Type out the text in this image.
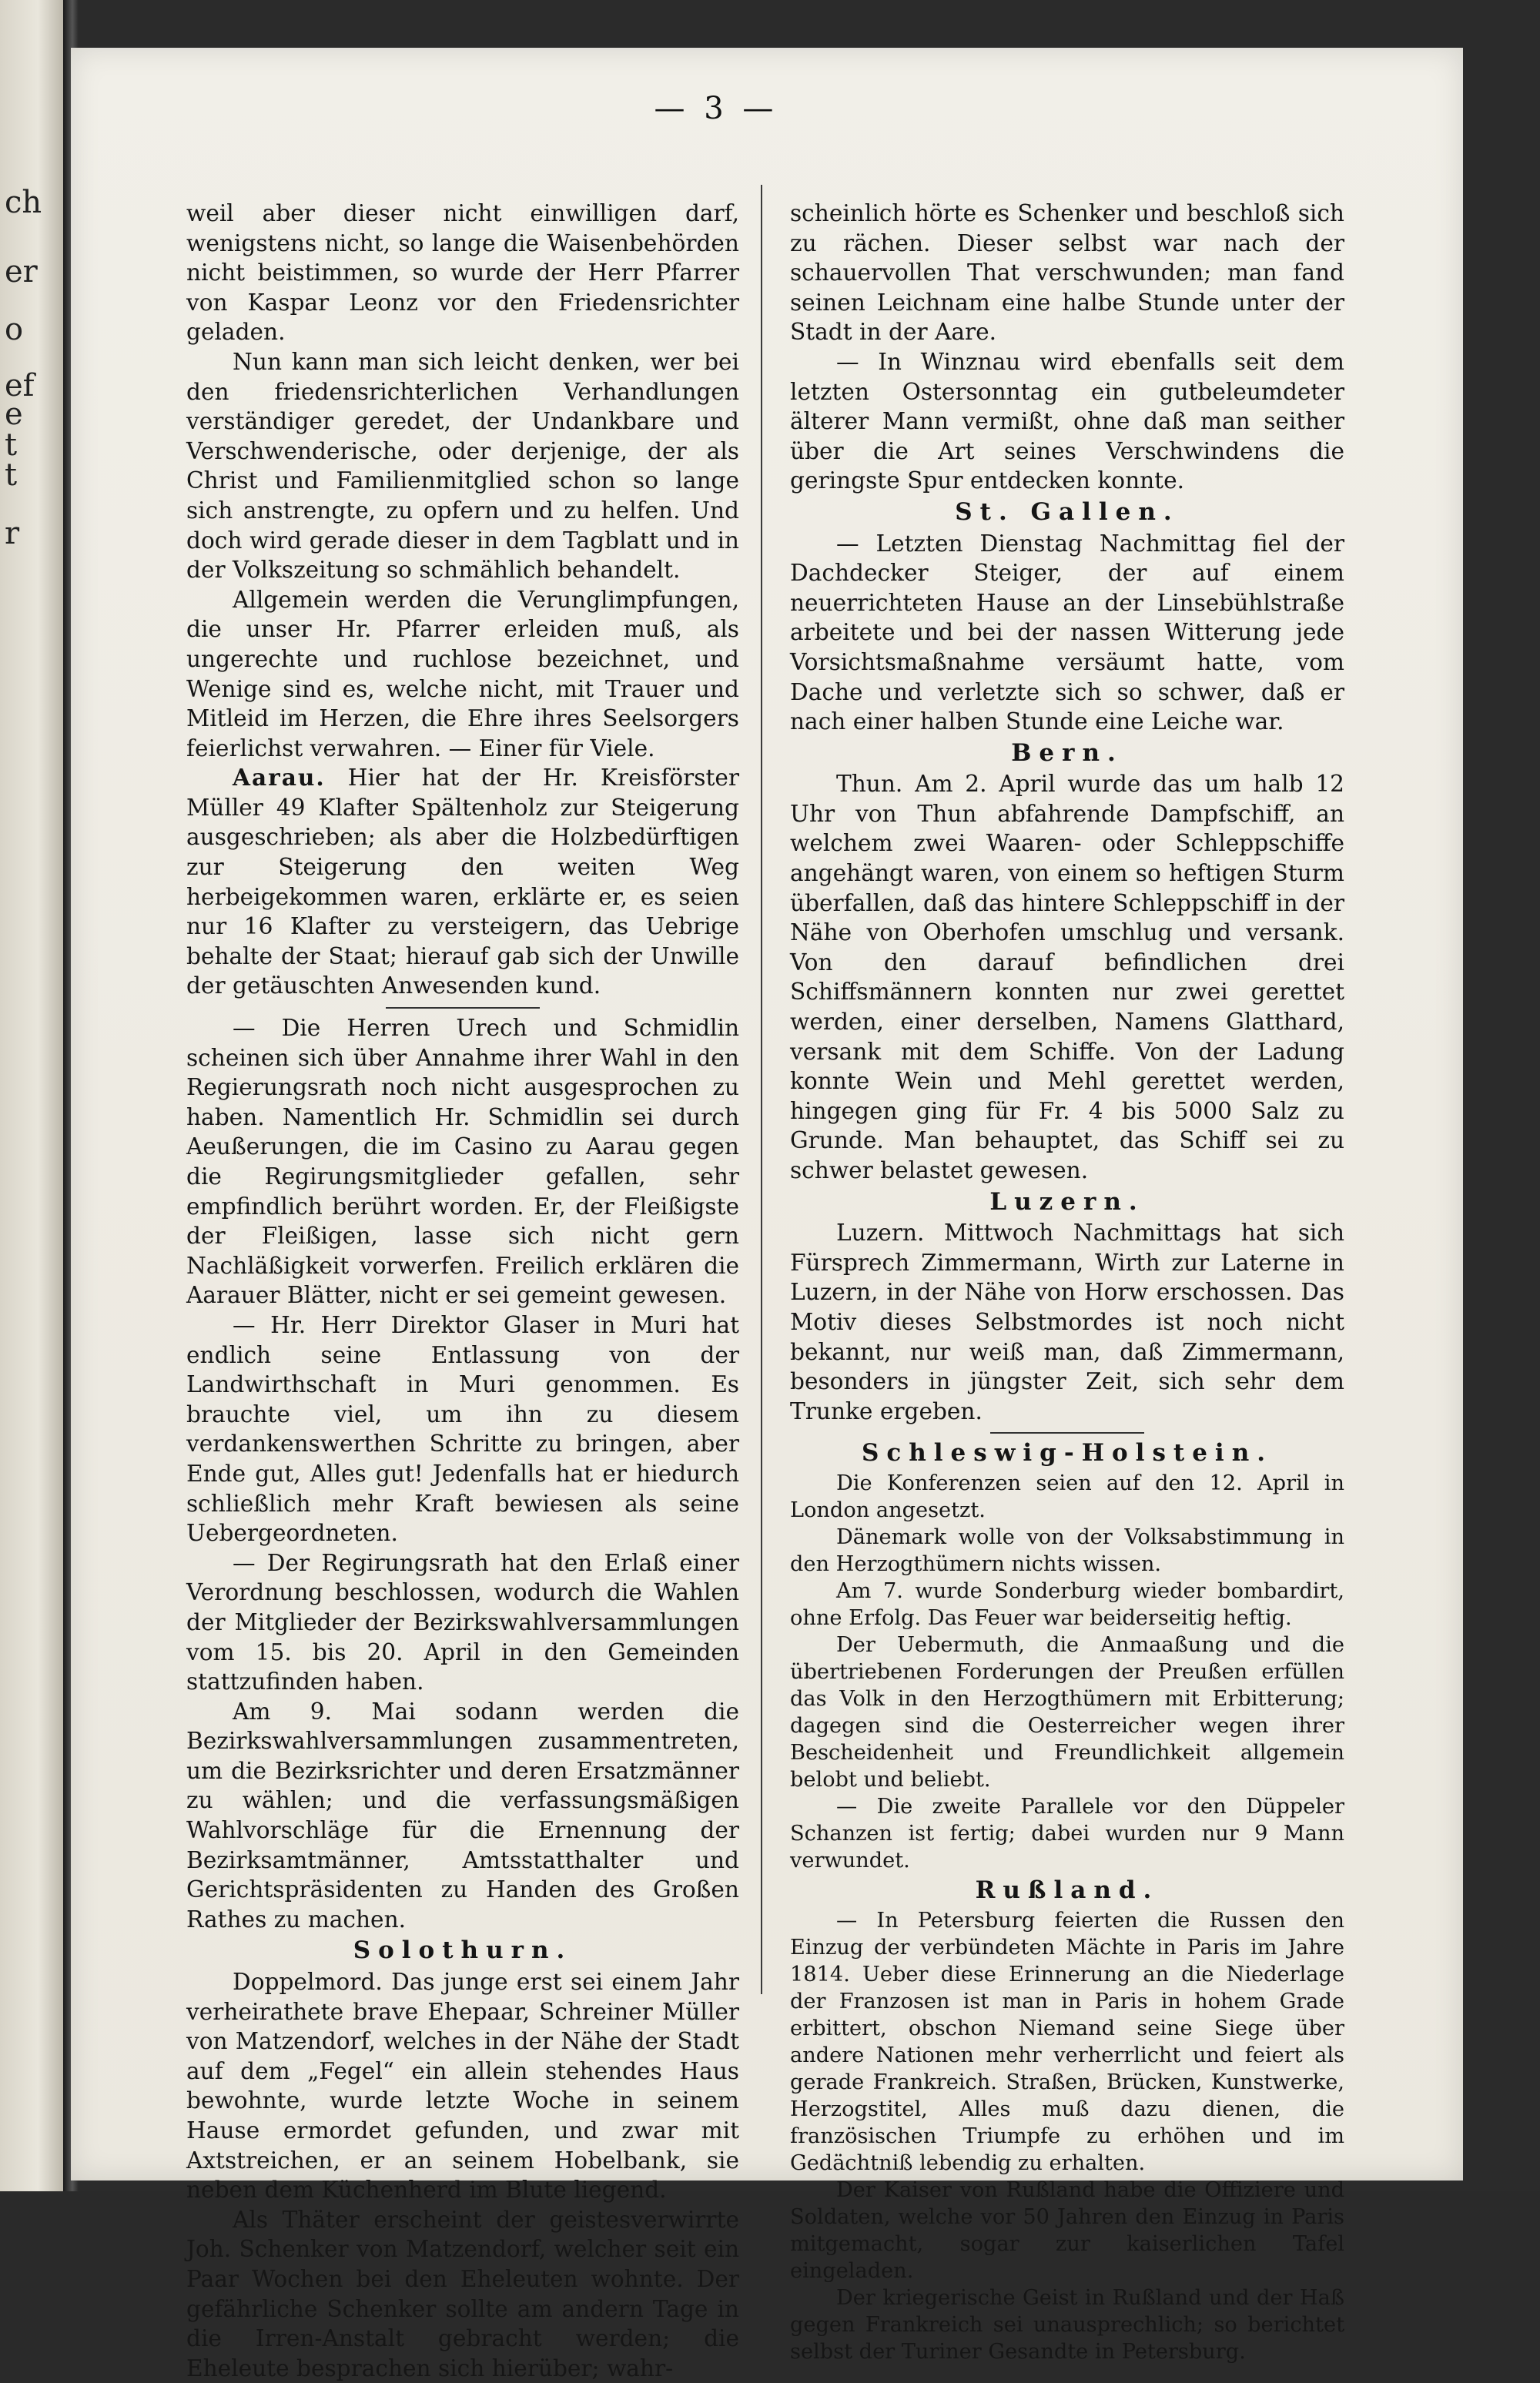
ch
er
o
ef
e
t
t
r
— 3 —

weil aber dieser nicht einwilligen darf, wenigstens nicht, so lange die Waisenbehörden nicht beistimmen, so wurde der Herr Pfarrer von Kaspar Leonz vor den Friedensrichter geladen.

Nun kann man sich leicht denken, wer bei den friedensrichterlichen Verhandlungen verständiger geredet, der Undankbare und Verschwenderische, oder derjenige, der als Christ und Familienmitglied schon so lange sich anstrengte, zu opfern und zu helfen. Und doch wird gerade dieser in dem Tagblatt und in der Volkszeitung so schmählich behandelt.

Allgemein werden die Verunglimpfungen, die unser Hr. Pfarrer erleiden muß, als ungerechte und ruchlose bezeichnet, und Wenige sind es, welche nicht, mit Trauer und Mitleid im Herzen, die Ehre ihres Seelsorgers feierlichst verwahren. — Einer für Viele.

Aarau. Hier hat der Hr. Kreisförster Müller 49 Klafter Spältenholz zur Steigerung ausgeschrieben; als aber die Holzbedürftigen zur Steigerung den weiten Weg herbeigekommen waren, erklärte er, es seien nur 16 Klafter zu versteigern, das Uebrige behalte der Staat; hierauf gab sich der Unwille der getäuschten Anwesenden kund.

— Die Herren Urech und Schmidlin scheinen sich über Annahme ihrer Wahl in den Regierungsrath noch nicht ausgesprochen zu haben. Namentlich Hr. Schmidlin sei durch Aeußerungen, die im Casino zu Aarau gegen die Regirungsmitglieder gefallen, sehr empfindlich berührt worden. Er, der Fleißigste der Fleißigen, lasse sich nicht gern Nachläßigkeit vorwerfen. Freilich erklären die Aarauer Blätter, nicht er sei gemeint gewesen.

— Hr. Herr Direktor Glaser in Muri hat endlich seine Entlassung von der Landwirthschaft in Muri genommen. Es brauchte viel, um ihn zu diesem verdankenswerthen Schritte zu bringen, aber Ende gut, Alles gut! Jedenfalls hat er hiedurch schließlich mehr Kraft bewiesen als seine Uebergeordneten.

— Der Regirungsrath hat den Erlaß einer Verordnung beschlossen, wodurch die Wahlen der Mitglieder der Bezirkswahlversammlungen vom 15. bis 20. April in den Gemeinden stattzufinden haben.

Am 9. Mai sodann werden die Bezirkswahlversammlungen zusammentreten, um die Bezirksrichter und deren Ersatzmänner zu wählen; und die verfassungsmäßigen Wahlvorschläge für die Ernennung der Bezirksamtmänner, Amtsstatthalter und Gerichtspräsidenten zu Handen des Großen Rathes zu machen.

Solothurn.

Doppelmord. Das junge erst sei einem Jahr verheirathete brave Ehepaar, Schreiner Müller von Matzendorf, welches in der Nähe der Stadt auf dem „Fegel“ ein allein stehendes Haus bewohnte, wurde letzte Woche in seinem Hause ermordet gefunden, und zwar mit Axtstreichen, er an seinem Hobelbank, sie neben dem Küchenherd im Blute liegend.

Als Thäter erscheint der geistesverwirrte Joh. Schenker von Matzendorf, welcher seit ein Paar Wochen bei den Eheleuten wohnte. Der gefährliche Schenker sollte am andern Tage in die Irren-Anstalt gebracht werden; die Eheleute besprachen sich hierüber; wahr-

scheinlich hörte es Schenker und beschloß sich zu rächen. Dieser selbst war nach der schauervollen That verschwunden; man fand seinen Leichnam eine halbe Stunde unter der Stadt in der Aare.

— In Winznau wird ebenfalls seit dem letzten Ostersonntag ein gutbeleumdeter älterer Mann vermißt, ohne daß man seither über die Art seines Verschwindens die geringste Spur entdecken konnte.

St. Gallen.

— Letzten Dienstag Nachmittag fiel der Dachdecker Steiger, der auf einem neuerrichteten Hause an der Linsebühlstraße arbeitete und bei der nassen Witterung jede Vorsichtsmaßnahme versäumt hatte, vom Dache und verletzte sich so schwer, daß er nach einer halben Stunde eine Leiche war.

Bern.

Thun. Am 2. April wurde das um halb 12 Uhr von Thun abfahrende Dampfschiff, an welchem zwei Waaren- oder Schleppschiffe angehängt waren, von einem so heftigen Sturm überfallen, daß das hintere Schleppschiff in der Nähe von Oberhofen umschlug und versank. Von den darauf befindlichen drei Schiffsmännern konnten nur zwei gerettet werden, einer derselben, Namens Glatthard, versank mit dem Schiffe. Von der Ladung konnte Wein und Mehl gerettet werden, hingegen ging für Fr. 4 bis 5000 Salz zu Grunde. Man behauptet, das Schiff sei zu schwer belastet gewesen.

Luzern.

Luzern. Mittwoch Nachmittags hat sich Fürsprech Zimmermann, Wirth zur Laterne in Luzern, in der Nähe von Horw erschossen. Das Motiv dieses Selbstmordes ist noch nicht bekannt, nur weiß man, daß Zimmermann, besonders in jüngster Zeit, sich sehr dem Trunke ergeben.

Schleswig-Holstein.

Die Konferenzen seien auf den 12. April in London angesetzt.

Dänemark wolle von der Volksabstimmung in den Herzogthümern nichts wissen.

Am 7. wurde Sonderburg wieder bombardirt, ohne Erfolg. Das Feuer war beiderseitig heftig.

Der Uebermuth, die Anmaaßung und die übertriebenen Forderungen der Preußen erfüllen das Volk in den Herzogthümern mit Erbitterung; dagegen sind die Oesterreicher wegen ihrer Bescheidenheit und Freundlichkeit allgemein belobt und beliebt.

— Die zweite Parallele vor den Düppeler Schanzen ist fertig; dabei wurden nur 9 Mann verwundet.

Rußland.

— In Petersburg feierten die Russen den Einzug der verbündeten Mächte in Paris im Jahre 1814. Ueber diese Erinnerung an die Niederlage der Franzosen ist man in Paris in hohem Grade erbittert, obschon Niemand seine Siege über andere Nationen mehr verherrlicht und feiert als gerade Frankreich. Straßen, Brücken, Kunstwerke, Herzogstitel, Alles muß dazu dienen, die französischen Triumpfe zu erhöhen und im Gedächtniß lebendig zu erhalten.

Der Kaiser von Rußland habe die Offiziere und Soldaten, welche vor 50 Jahren den Einzug in Paris mitgemacht, sogar zur kaiserlichen Tafel eingeladen.

Der kriegerische Geist in Rußland und der Haß gegen Frankreich sei unausprechlich; so berichtet selbst der Turiner Gesandte in Petersburg.
